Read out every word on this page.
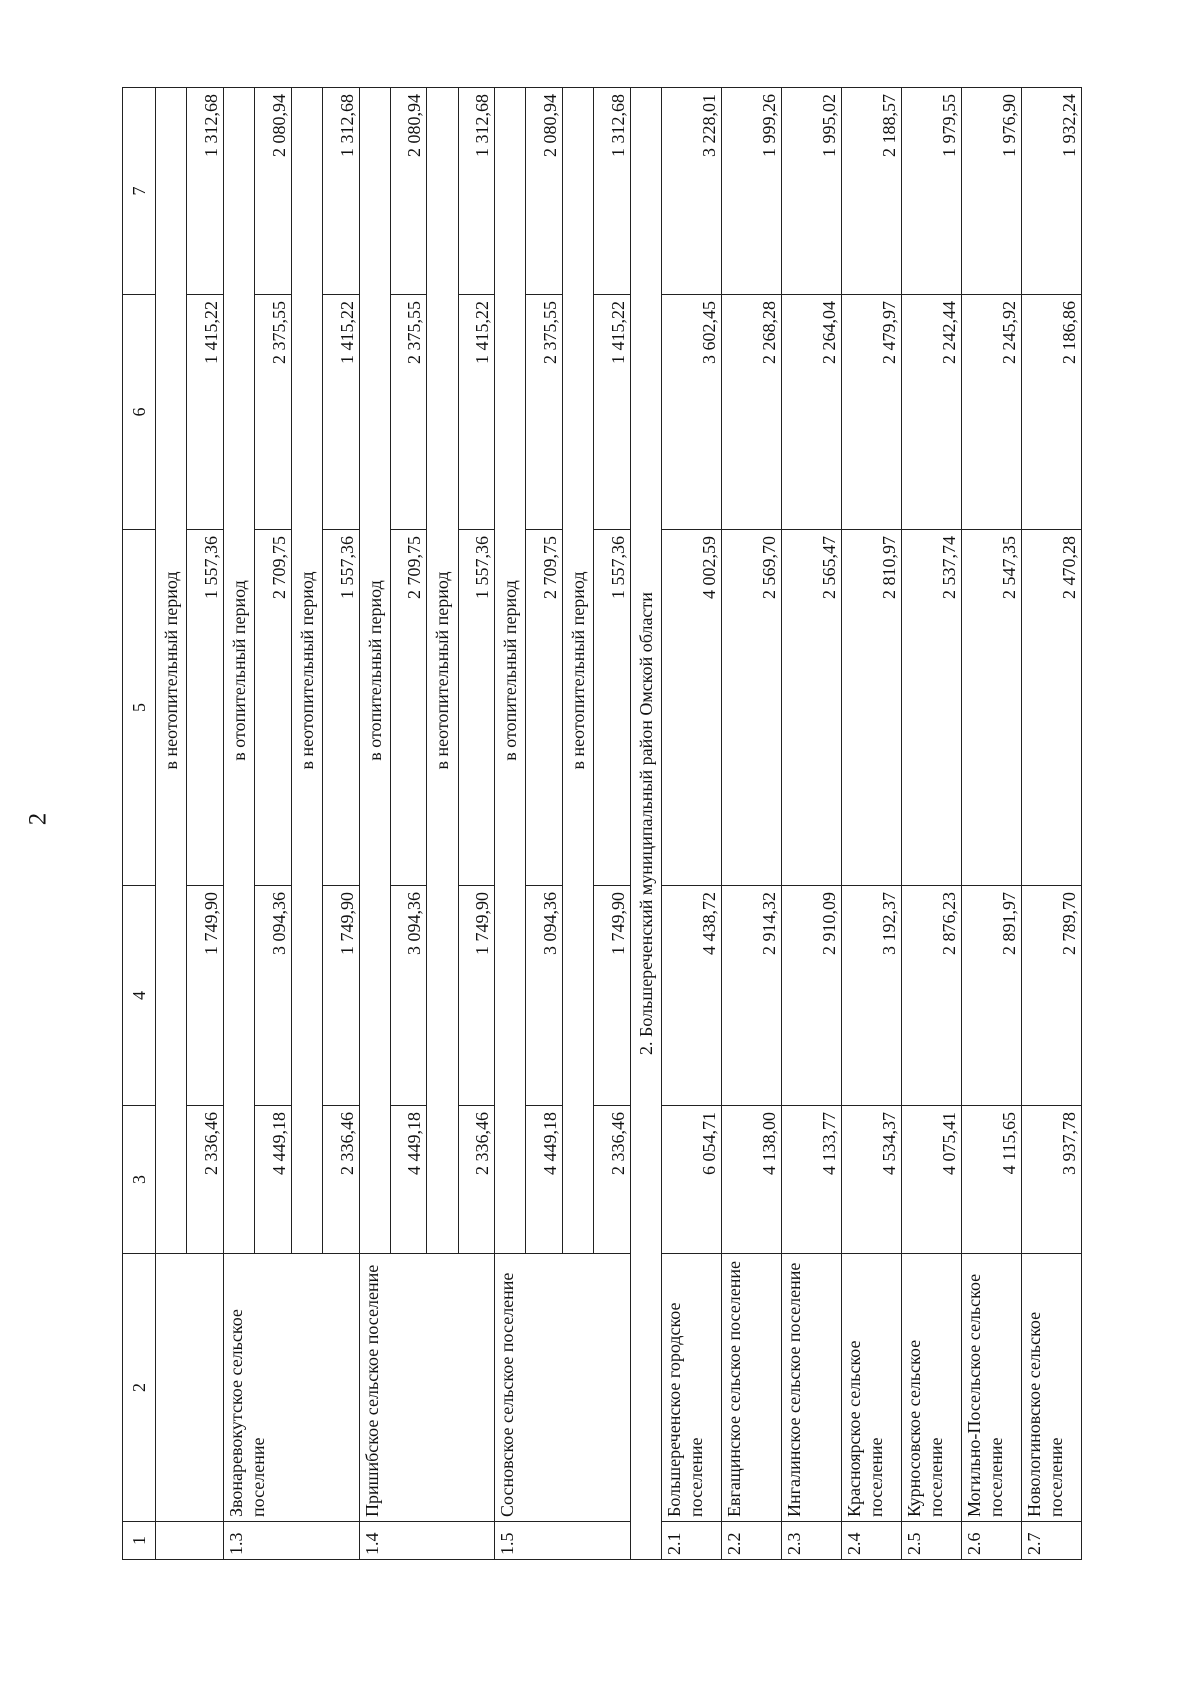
2
1	2	3	4	5	6	7
		в неотопительный период				
		2 336,46	1 749,90	1 557,36	1 415,22	1 312,68
1.3	Звонаревокутское сельское поселение	в отопительный период				
		4 449,18	3 094,36	2 709,75	2 375,55	2 080,94
		в неотопительный период				
		2 336,46	1 749,90	1 557,36	1 415,22	1 312,68
1.4	Пришибское сельское поселение	в отопительный период				
		4 449,18	3 094,36	2 709,75	2 375,55	2 080,94
		в неотопительный период				
		2 336,46	1 749,90	1 557,36	1 415,22	1 312,68
1.5	Сосновское сельское поселение	в отопительный период				
		4 449,18	3 094,36	2 709,75	2 375,55	2 080,94
		в неотопительный период				
		2 336,46	1 749,90	1 557,36	1 415,22	1 312,68
2. Большереченский муниципальный район Омской области						
2.1	Большереченское городское поселение	6 054,71	4 438,72	4 002,59	3 602,45	3 228,01
2.2	Евгащинское сельское поселение	4 138,00	2 914,32	2 569,70	2 268,28	1 999,26
2.3	Ингалинское сельское поселение	4 133,77	2 910,09	2 565,47	2 264,04	1 995,02
2.4	Красноярское сельское поселение	4 534,37	3 192,37	2 810,97	2 479,97	2 188,57
2.5	Курносовское сельское поселение	4 075,41	2 876,23	2 537,74	2 242,44	1 979,55
2.6	Могильно-Посельское сельское поселение	4 115,65	2 891,97	2 547,35	2 245,92	1 976,90
2.7	Новологиновское сельское поселение	3 937,78	2 789,70	2 470,28	2 186,86	1 932,24
